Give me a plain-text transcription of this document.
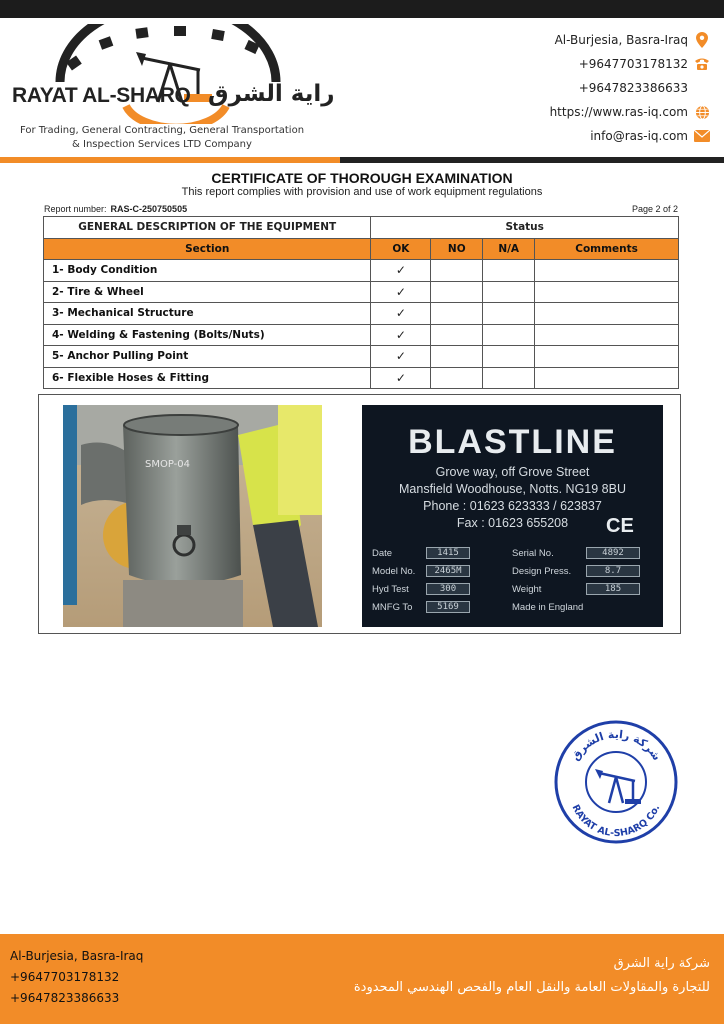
RAYAT AL-SHARQ راية الشرق
For Trading, General Contracting, General Transportation
& Inspection Services LTD Company
Al-Burjesia, Basra-Iraq
+9647703178132
+9647823386633
https://www.ras-iq.com
info@ras-iq.com
CERTIFICATE OF THOROUGH EXAMINATION
This report complies with provision and use of work equipment regulations
Report number: RAS-C-250750505	Page 2 of 2
GENERAL DESCRIPTION OF THE EQUIPMENT	Status			
Section	OK	NO	N/A	Comments
1- Body Condition	✓			
2- Tire & Wheel	✓			
3- Mechanical Structure	✓			
4- Welding & Fastening (Bolts/Nuts)	✓			
5- Anchor Pulling Point	✓			
6- Flexible Hoses & Fitting	✓			
SMOP-04
BLASTLINE
Grove way, off Grove Street
Mansfield Woodhouse, Notts. NG19 8BU
Phone : 01623 623333 / 623837
Fax : 01623 655208	CE
Date	1415	Serial No.	4892
Model No.	2465M	Design Press.	8.7
Hyd Test	300	Weight	185
MNFG To	5169	Made in England
شركة راية الشرق
RAYAT AL-SHARQ Co.
Al-Burjesia, Basra-Iraq
+9647703178132
+9647823386633
شركة راية الشرق
للتجارة والمقاولات العامة والنقل العام والفحص الهندسي المحدودة
